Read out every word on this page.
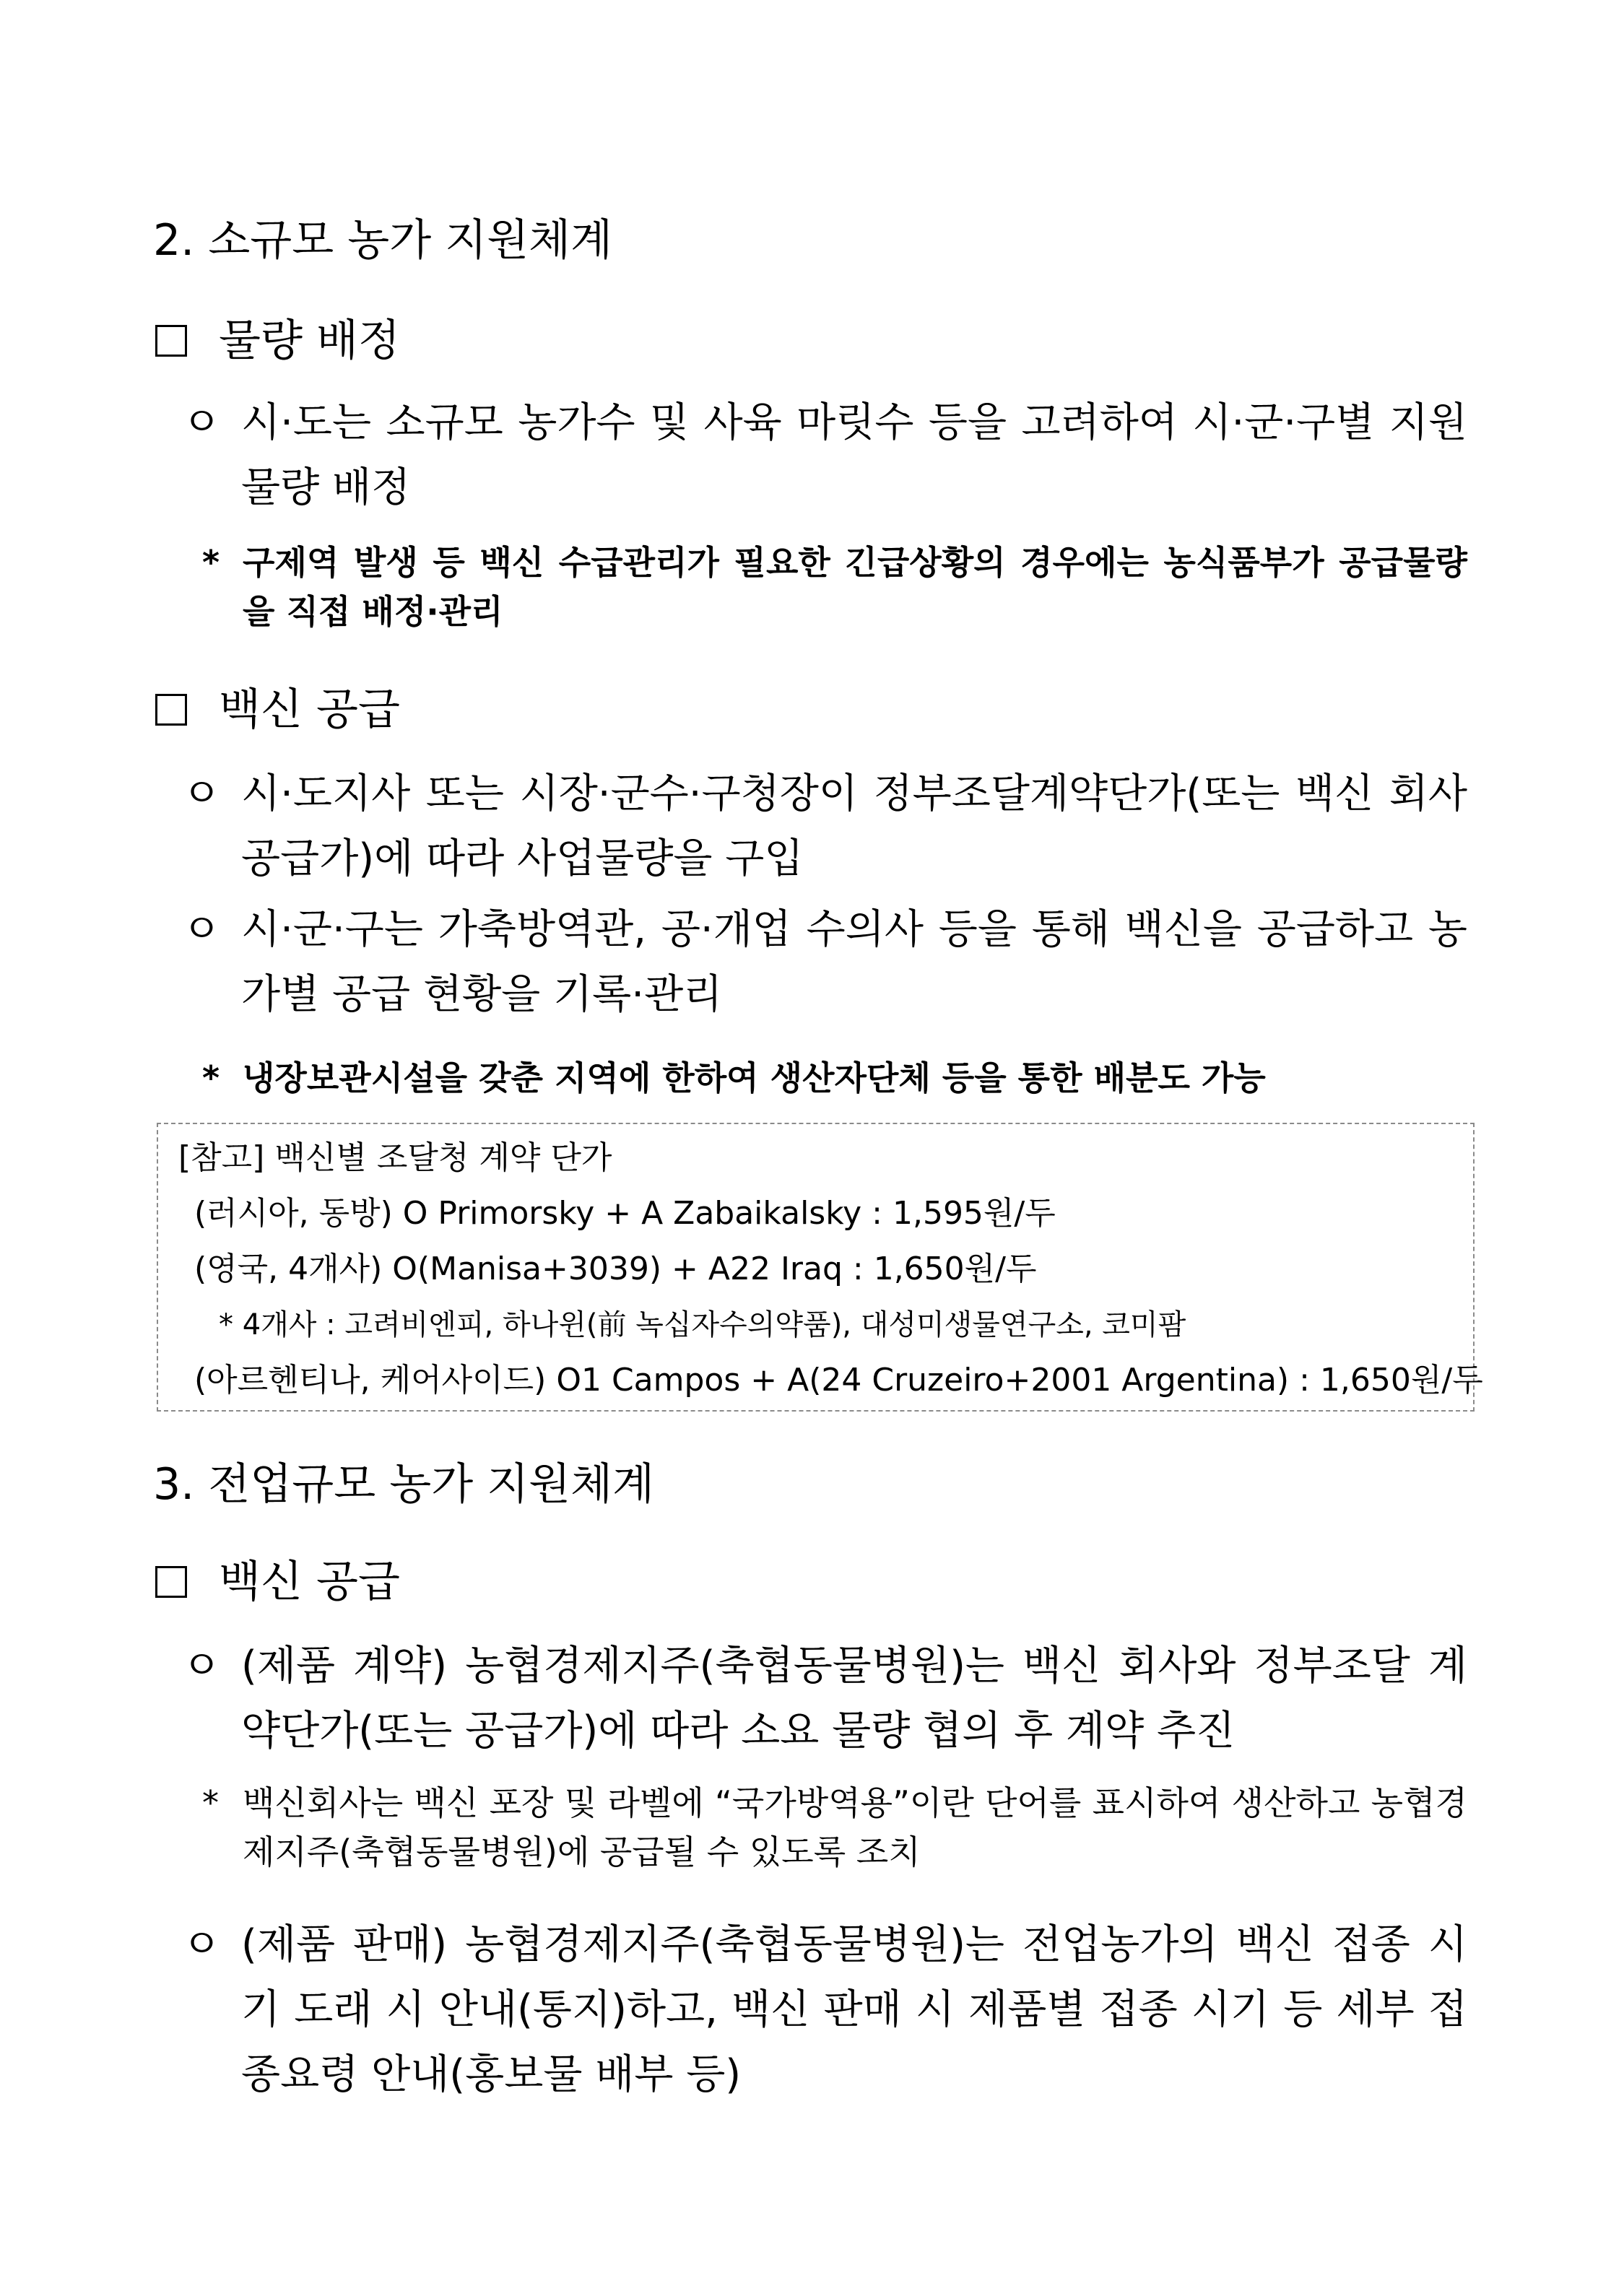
2. 소규모 농가 지원체계
물량 배정
ㅇ 시·도는 소규모 농가수 및 사육 마릿수 등을 고려하여 시·군·구별 지원물량 배정
* 구제역 발생 등 백신 수급관리가 필요한 긴급상황의 경우에는 농식품부가 공급물량을 직접 배정·관리
백신 공급
ㅇ 시·도지사 또는 시장·군수·구청장이 정부조달계약단가(또는 백신 회사 공급가)에 따라 사업물량을 구입
ㅇ 시·군·구는 가축방역관, 공·개업 수의사 등을 통해 백신을 공급하고 농가별 공급 현황을 기록·관리
* 냉장보관시설을 갖춘 지역에 한하여 생산자단체 등을 통한 배분도 가능
[참고] 백신별 조달청 계약 단가
(러시아, 동방) O Primorsky + A Zabaikalsky : 1,595원/두
(영국, 4개사) O(Manisa+3039) + A22 Iraq : 1,650원/두
* 4개사 : 고려비엔피, 하나윈(前 녹십자수의약품), 대성미생물연구소, 코미팜
(아르헨티나, 케어사이드) O1 Campos + A(24 Cruzeiro+2001 Argentina) : 1,650원/두
3. 전업규모 농가 지원체계
백신 공급
ㅇ (제품 계약) 농협경제지주(축협동물병원)는 백신 회사와 정부조달 계약단가(또는 공급가)에 따라 소요 물량 협의 후 계약 추진
* 백신회사는 백신 포장 및 라벨에 “국가방역용”이란 단어를 표시하여 생산하고 농협경제지주(축협동물병원)에 공급될 수 있도록 조치
ㅇ (제품 판매) 농협경제지주(축협동물병원)는 전업농가의 백신 접종 시기 도래 시 안내(통지)하고, 백신 판매 시 제품별 접종 시기 등 세부 접종요령 안내(홍보물 배부 등)
